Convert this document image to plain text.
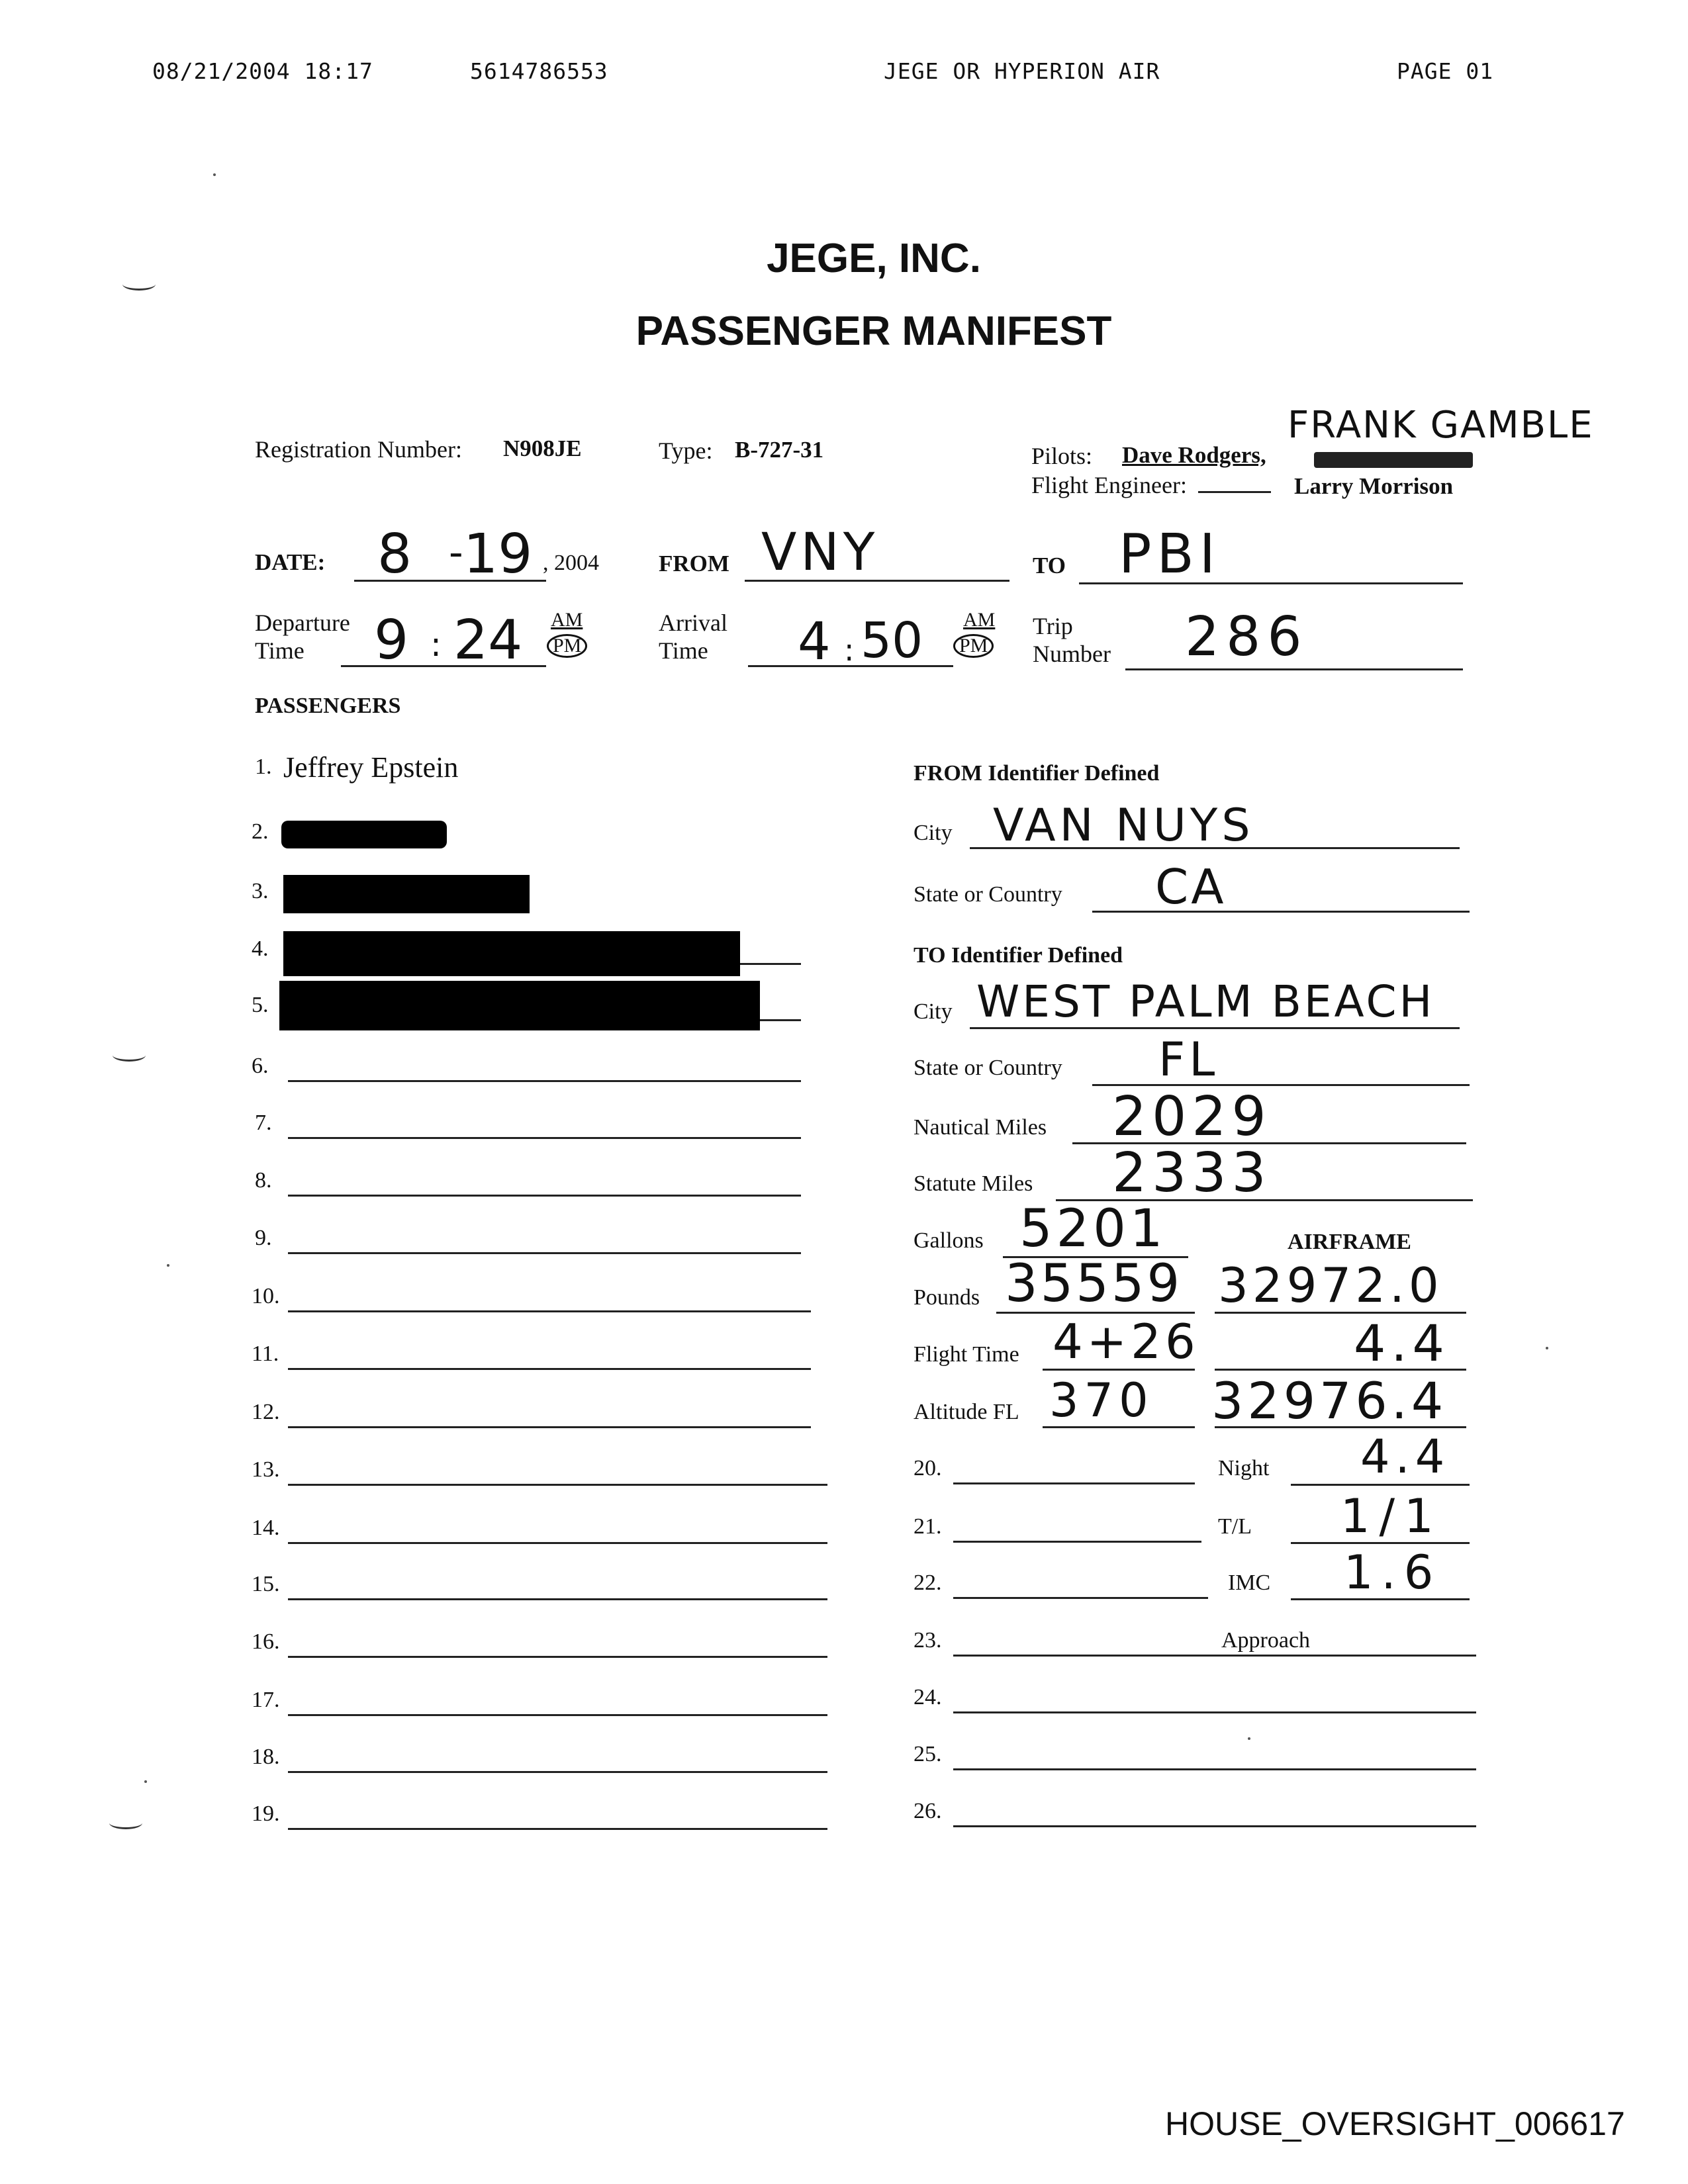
08/21/2004 18:17	5614786553	JEGE OR HYPERION AIR	PAGE 01
JEGE, INC.
PASSENGER MANIFEST
Registration Number: N908JE	Type: B-727-31	Pilots: Dave Rodgers,
FRANK GAMBLE
Flight Engineer:	Larry Morrison
DATE: 8 - 19 , 2004	FROM VNY	TO PBI
Departure
Time 9 : 24 AM
PM
Arrival
Time 4 : 50 AM
PM
Trip
Number 286
PASSENGERS
1. Jeffrey Epstein
2.
3.
4.
5.
6.
7.
8.
9.
10.
11.
12.
13.
14.
15.
16.
17.
18.
19.
FROM Identifier Defined
City VAN NUYS
State or Country CA
TO Identifier Defined
City WEST PALM BEACH
State or Country FL
Nautical Miles 2029
Statute Miles 2333
Gallons 5201	AIRFRAME
Pounds 35559 32972.0
Flight Time 4+26	4.4
Altitude FL 370 32976.4
Night 4.4
T/L 1/1
IMC 1.6
Approach
20.
21.
22.
23.
24.
25.
26.
HOUSE_OVERSIGHT_006617
